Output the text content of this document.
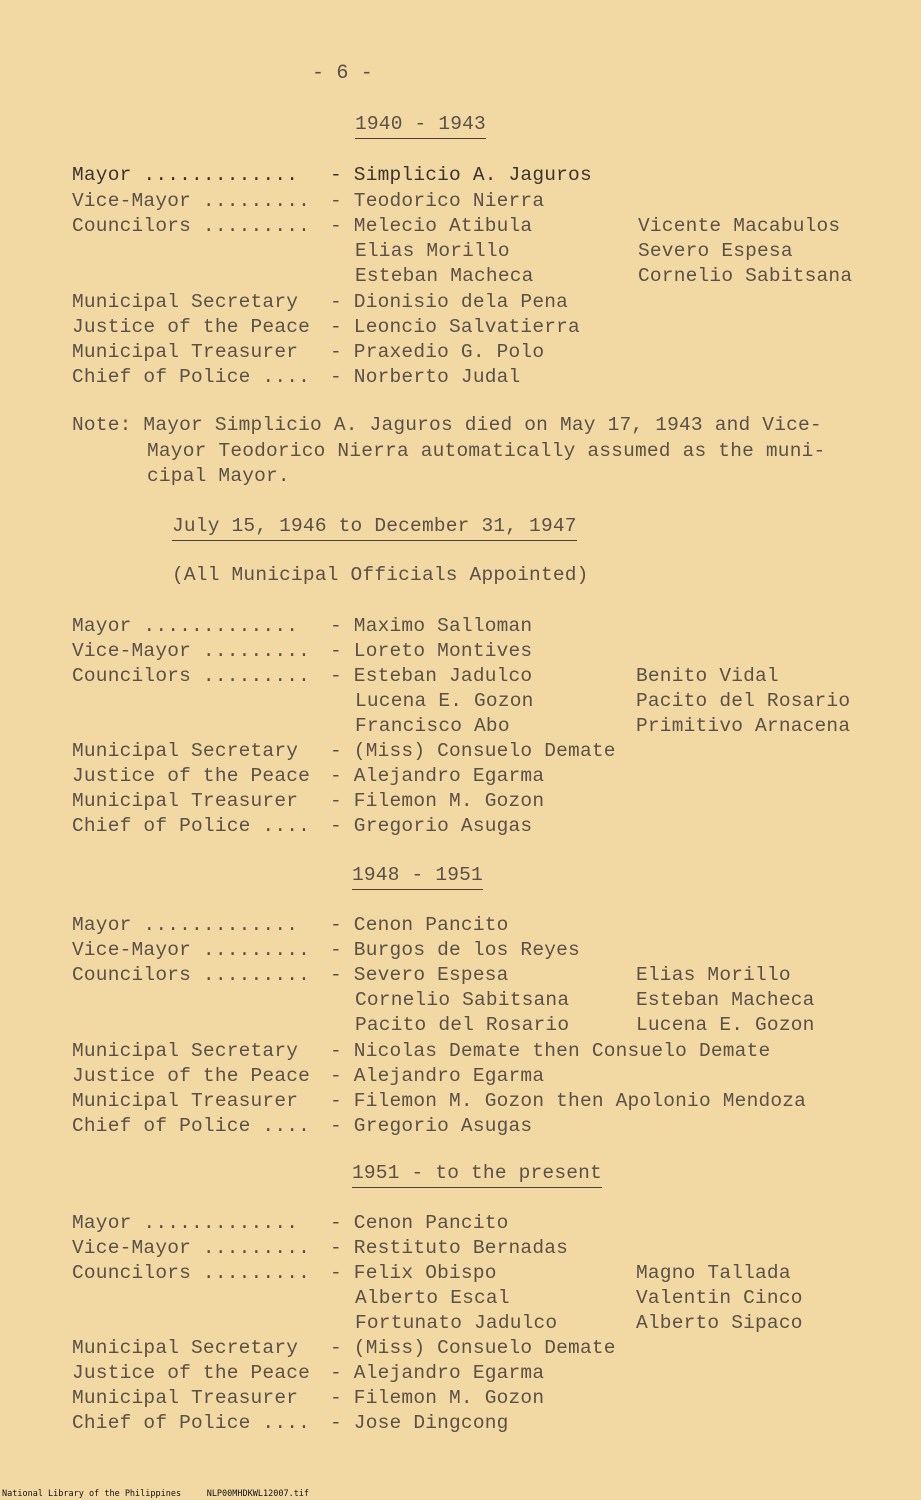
- 6 -
1940 - 1943
Mayor ............. - Simplicio A. Jaguros
Vice-Mayor ......... - Teodorico Nierra
Councilors ......... - Melecio Atibula	Vicente Macabulos
Elias Morillo	Severo Espesa
Esteban Macheca	Cornelio Sabitsana
Municipal Secretary - Dionisio dela Pena
Justice of the Peace - Leoncio Salvatierra
Municipal Treasurer - Praxedio G. Polo
Chief of Police .... - Norberto Judal
Note: Mayor Simplicio A. Jaguros died on May 17, 1943 and Vice-
Mayor Teodorico Nierra automatically assumed as the muni-
cipal Mayor.
July 15, 1946 to December 31, 1947
(All Municipal Officials Appointed)
Mayor ............. - Maximo Salloman
Vice-Mayor ......... - Loreto Montives
Councilors ......... - Esteban Jadulco	Benito Vidal
Lucena E. Gozon	Pacito del Rosario
Francisco Abo	Primitivo Arnacena
Municipal Secretary - (Miss) Consuelo Demate
Justice of the Peace - Alejandro Egarma
Municipal Treasurer - Filemon M. Gozon
Chief of Police .... - Gregorio Asugas
1948 - 1951
Mayor ............. - Cenon Pancito
Vice-Mayor ......... - Burgos de los Reyes
Councilors ......... - Severo Espesa	Elias Morillo
Cornelio Sabitsana	Esteban Macheca
Pacito del Rosario	Lucena E. Gozon
Municipal Secretary - Nicolas Demate then Consuelo Demate
Justice of the Peace - Alejandro Egarma
Municipal Treasurer - Filemon M. Gozon then Apolonio Mendoza
Chief of Police .... - Gregorio Asugas
1951 - to the present
Mayor ............. - Cenon Pancito
Vice-Mayor ......... - Restituto Bernadas
Councilors ......... - Felix Obispo	Magno Tallada
Alberto Escal	Valentin Cinco
Fortunato Jadulco	Alberto Sipaco
Municipal Secretary - (Miss) Consuelo Demate
Justice of the Peace - Alejandro Egarma
Municipal Treasurer - Filemon M. Gozon
Chief of Police .... - Jose Dingcong
National Library of the Philippines     NLP00MHDKWL12007.tif
